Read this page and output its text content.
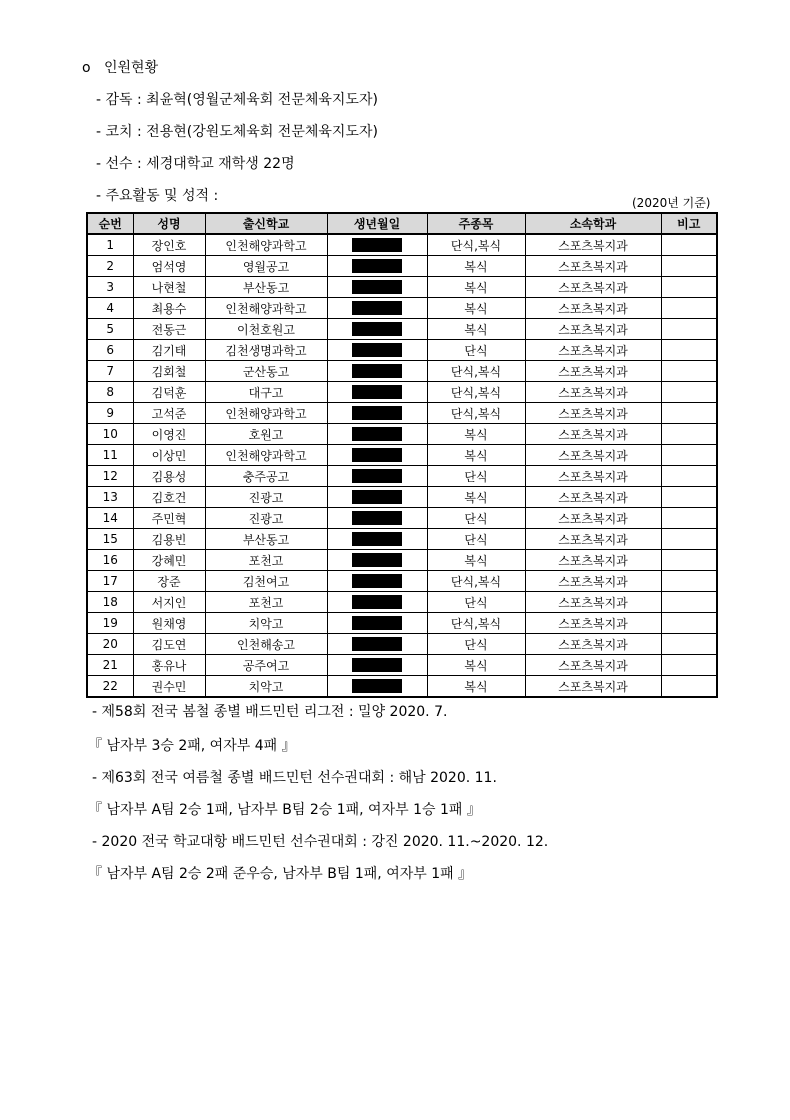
o 인원현황
- 감독 : 최윤혁(영월군체육회 전문체육지도자)
- 코치 : 전용현(강원도체육회 전문체육지도자)
- 선수 : 세경대학교 재학생 22명
- 주요활동 및 성적 :	(2020년 기준)
순번	성명	출신학교	생년월일	주종목	소속학과	비고
1	장인호	인천해양과학고		단식,복식	스포츠복지과	
2	엄석영	영월공고		복식	스포츠복지과	
3	나현철	부산동고		복식	스포츠복지과	
4	최용수	인천해양과학고		복식	스포츠복지과	
5	전동근	이천호원고		복식	스포츠복지과	
6	김기태	김천생명과학고		단식	스포츠복지과	
7	김회철	군산동고		단식,복식	스포츠복지과	
8	김덕훈	대구고		단식,복식	스포츠복지과	
9	고석준	인천해양과학고		단식,복식	스포츠복지과	
10	이영진	호원고		복식	스포츠복지과	
11	이상민	인천해양과학고		복식	스포츠복지과	
12	김용성	충주공고		단식	스포츠복지과	
13	김호건	진광고		복식	스포츠복지과	
14	주민혁	진광고		단식	스포츠복지과	
15	김용빈	부산동고		단식	스포츠복지과	
16	강혜민	포천고		복식	스포츠복지과	
17	장준	김천여고		단식,복식	스포츠복지과	
18	서지인	포천고		단식	스포츠복지과	
19	원채영	치악고		단식,복식	스포츠복지과	
20	김도연	인천해송고		단식	스포츠복지과	
21	홍유나	공주여고		복식	스포츠복지과	
22	권수민	치악고		복식	스포츠복지과	
- 제58회 전국 봄철 종별 배드민턴 리그전 : 밀양 2020. 7.
『 남자부 3승 2패, 여자부 4패 』
- 제63회 전국 여름철 종별 배드민턴 선수권대회 : 해남 2020. 11.
『 남자부 A팀 2승 1패, 남자부 B팀 2승 1패, 여자부 1승 1패 』
- 2020 전국 학교대항 배드민턴 선수권대회 : 강진 2020. 11.~2020. 12.
『 남자부 A팀 2승 2패 준우승, 남자부 B팀 1패, 여자부 1패 』
